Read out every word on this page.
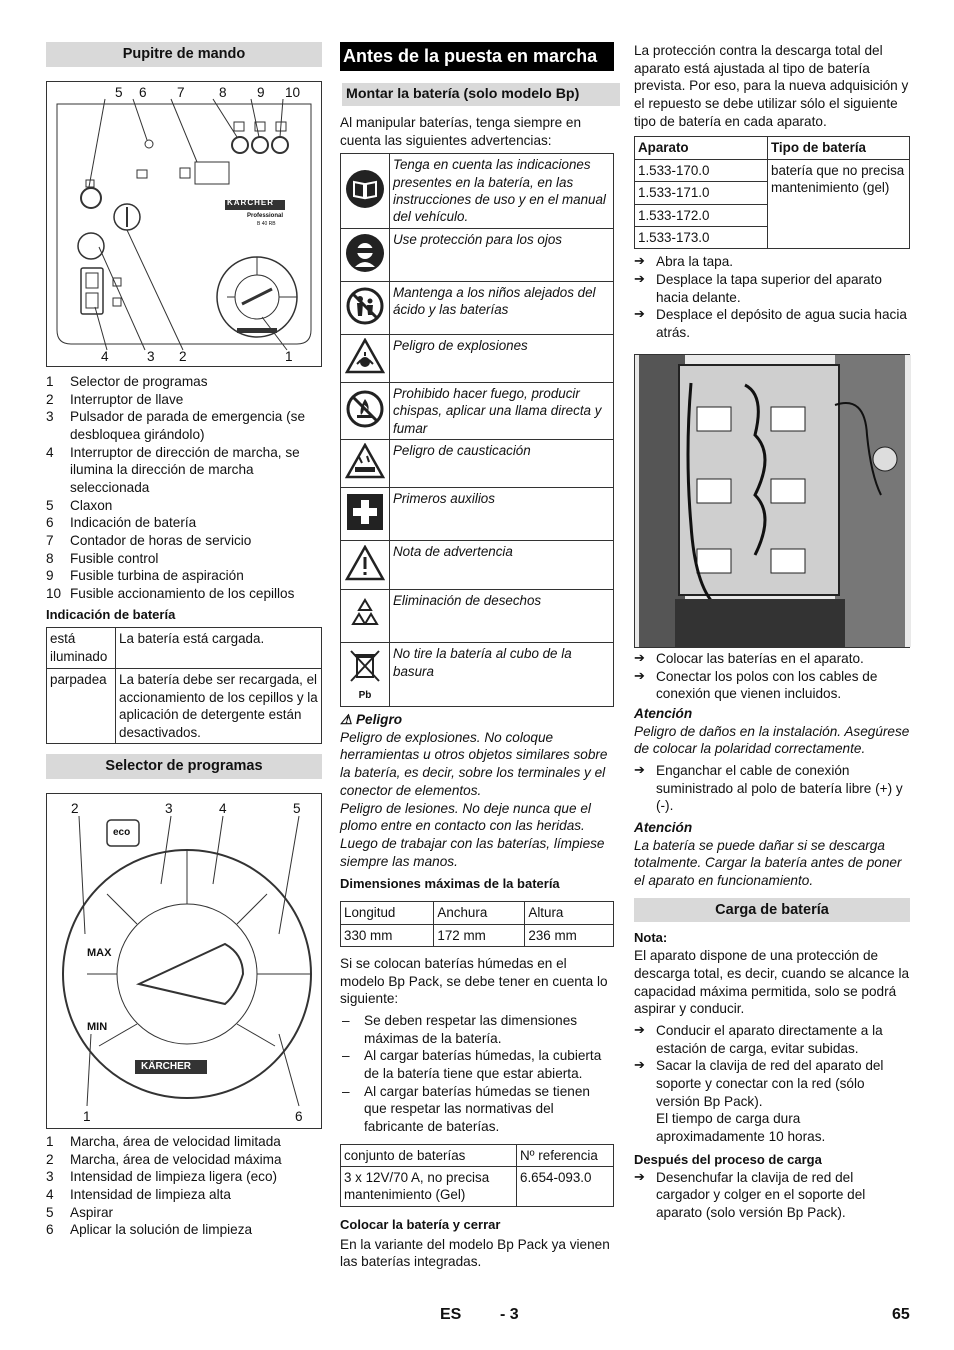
Pupitre de mando
5 6 7	8 9 10
4	3 2	1
KÄRCHER
Professional
B 40 RB
1	Selector de programas
2	Interruptor de llave
3	Pulsador de parada de emergencia (se desbloquea girándolo)
4	Interruptor de dirección de marcha, se ilumina la dirección de marcha seleccionada
5	Claxon
6	Indicación de batería
7	Contador de horas de servicio
8	Fusible control
9	Fusible turbina de aspiración
10 Fusible accionamiento de los cepillos
Indicación de batería
está iluminado	La batería está cargada.
parpadea	La batería debe ser recargada, el accionamiento de los cepillos y la aplicación de detergente están desactivados.
Selector de programas
2	3	4	5
1	6
MAX
MIN
eco
KÄRCHER
1	Marcha, área de velocidad limitada
2	Marcha, área de velocidad máxima
3	Intensidad de limpieza ligera (eco)
4	Intensidad de limpieza alta
5	Aspirar
6	Aplicar la solución de limpieza
Antes de la puesta en marcha
Montar la batería (solo modelo Bp)

Al manipular baterías, tenga siempre en cuenta las siguientes advertencias:

	Tenga en cuenta las indicaciones presentes en la batería, en las instrucciones de uso y en el manual del vehículo.
	Use protección para los ojos
	Mantenga a los niños alejados del ácido y las baterías
	Peligro de explosiones
	Prohibido hacer fuego, producir chispas, aplicar una llama directa y fumar
	Peligro de causticación
	Primeros auxilios
	Nota de advertencia
	Eliminación de desechos

Pb	No tire la batería al cubo de la basura
⚠ Peligro

Peligro de explosiones. No coloque herramientas u otros objetos similares sobre la batería, es decir, sobre los terminales y el conector de elementos.

Peligro de lesiones. No deje nunca que el plomo entre en contacto con las heridas. Luego de trabajar con las baterías, límpiese siempre las manos.

Dimensiones máximas de la batería
Longitud	Anchura	Altura
330 mm	172 mm	236 mm

Si se colocan baterías húmedas en el modelo Bp Pack, se debe tener en cuenta lo siguiente:

–	Se deben respetar las dimensiones máximas de la batería.
–	Al cargar baterías húmedas, la cubierta de la batería tiene que estar abierta.
–	Al cargar baterías húmedas se tienen que respetar las normativas del fabricante de baterías.
conjunto de baterías	Nº referencia
3 x 12V/70 A, no precisa mantenimiento (Gel)	6.654-093.0
Colocar la batería y cerrar

En la variante del modelo Bp Pack ya vienen las baterías integradas.

La protección contra la descarga total del aparato está ajustada al tipo de batería prevista. Por eso, para la nueva adquisición y el repuesto se debe utilizar sólo el siguiente tipo de batería en cada aparato.

Aparato	Tipo de batería
1.533-170.0	batería que no precisa mantenimiento (gel)
1.533-171.0	
1.533-172.0	
1.533-173.0	
➔ Abra la tapa.
➔ Desplace la tapa superior del aparato hacia delante.
➔ Desplace el depósito de agua sucia hacia atrás.
➔ Colocar las baterías en el aparato.
➔ Conectar los polos con los cables de conexión que vienen incluidos.
Atención

Peligro de daños en la instalación. Asegúrese de colocar la polaridad correctamente.

➔ Enganchar el cable de conexión suministrado al polo de batería libre (+) y (-).
Atención

La batería se puede dañar si se descarga totalmente. Cargar la batería antes de poner el aparato en funcionamiento.

Carga de batería
Nota:

El aparato dispone de una protección de descarga total, es decir, cuando se alcance la capacidad máxima permitida, solo se podrá aspirar y conducir.

➔ Conducir el aparato directamente a la estación de carga, evitar subidas.
➔ Sacar la clavija de red del aparato del soporte y conectar con la red (sólo versión Bp Pack).

El tiempo de carga dura aproximadamente 10 horas.

Después del proceso de carga
➔ Desenchufar la clavija de red del cargador y colger en el soporte del aparato (solo versión Bp Pack).
ES - 3	65
